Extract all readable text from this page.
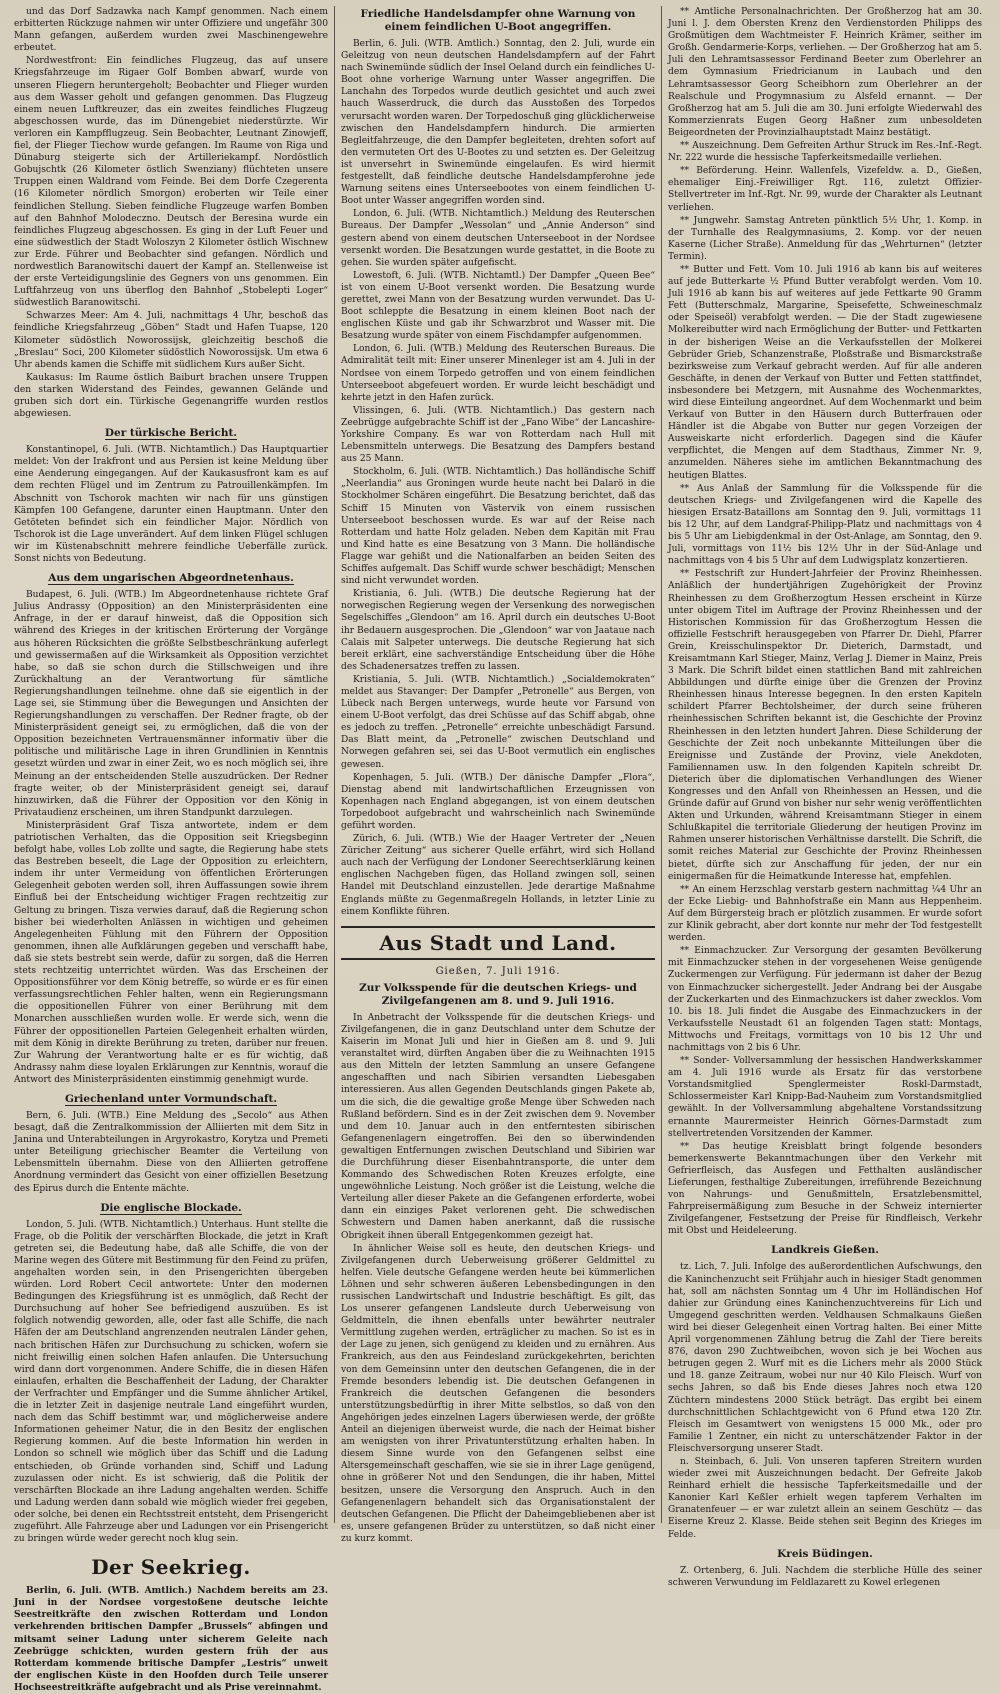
und das Dorf Sadzawka nach Kampf genommen. Nach einem erbitterten Rückzuge nahmen wir unter Offiziere und ungefähr 300 Mann gefangen, außerdem wurden zwei Maschinengewehre erbeutet.

Nordwestfront: Ein feindliches Flugzeug, das auf unsere Kriegsfahrzeuge im Rigaer Golf Bomben abwarf, wurde von unseren Fliegern heruntergeholt; Beobachter und Flieger wurden aus dem Wasser geholt und gefangen genommen. Das Flugzeug einem neuen Luftkreuzer, das ein zweites feindliches Flugzeug abgeschossen wurde, das im Dünengebiet niederstürzte. Wir verloren ein Kampfflugzeug. Sein Beobachter, Leutnant Zinowjeff, fiel, der Flieger Tiechow wurde gefangen. Im Raume von Riga und Dünaburg steigerte sich der Artilleriekampf. Nordöstlich Gobujschtk (26 Kilometer östlich Swenziany) flüchteten unsere Truppen einen Waldrand vom Feinde. Bei dem Dorfe Czegerenta (16 Kilometer nördlich Smorgon) eroberten wir Teile einer feindlichen Stellung. Sieben feindliche Flugzeuge warfen Bomben auf den Bahnhof Molodeczno. Deutsch der Beresina wurde ein feindliches Flugzeug abgeschossen. Es ging in der Luft Feuer und eine südwestlich der Stadt Woloszyn 2 Kilometer östlich Wischnew zur Erde. Führer und Beobachter sind gefangen. Nördlich und nordwestlich Baranowitschi dauert der Kampf an. Stellenweise ist der erste Verteidigungslinie des Gegners von uns genommen. Ein Luftfahrzeug von uns überflog den Bahnhof „Stobelepti Loger“ südwestlich Baranowitschi.

Schwarzes Meer: Am 4. Juli, nachmittags 4 Uhr, beschoß das feindliche Kriegsfahrzeug „Göben“ Stadt und Hafen Tuapse, 120 Kilometer südöstlich Noworossijsk, gleichzeitig beschoß die „Breslau“ Soci, 200 Kilometer südöstlich Noworossijsk. Um etwa 6 Uhr abends kamen die Schiffe mit südlichem Kurs außer Sicht.

Kaukasus: Im Raume östlich Baiburt brachen unsere Truppen den starken Widerstand des Feindes, gewannen Gelände und gruben sich dort ein. Türkische Gegenangriffe wurden restlos abgewiesen.

Der türkische Bericht.

Konstantinopel, 6. Juli. (WTB. Nichtamtlich.) Das Hauptquartier meldet: Von der Irakfront und aus Persien ist keine Meldung über eine Aenderung eingegangen. Auf der Kaukasusfront kam es auf dem rechten Flügel und im Zentrum zu Patrouillenkämpfen. Im Abschnitt von Tschorok machten wir nach für uns günstigen Kämpfen 100 Gefangene, darunter einen Hauptmann. Unter den Getöteten befindet sich ein feindlicher Major. Nördlich von Tschorok ist die Lage unverändert. Auf dem linken Flügel schlugen wir im Küstenabschnitt mehrere feindliche Ueberfälle zurück. Sonst nichts von Bedeutung.

Aus dem ungarischen Abgeordnetenhaus.

Budapest, 6. Juli. (WTB.) Im Abgeordnetenhause richtete Graf Julius Andrassy (Opposition) an den Ministerpräsidenten eine Anfrage, in der er darauf hinweist, daß die Opposition sich während des Krieges in der kritischen Erörterung der Vorgänge aus höheren Rücksichten die größte Selbstbeschränkung auferlegt und gewissermaßen auf die Wirksamkeit als Opposition verzichtet habe, so daß sie schon durch die Stillschweigen und ihre Zurückhaltung an der Verantwortung für sämtliche Regierungshandlungen teilnehme. ohne daß sie eigentlich in der Lage sei, sie Stimmung über die Bewegungen und Ansichten der Regierungshandlungen zu verschaffen. Der Redner fragte, ob der Ministerpräsident geneigt sei, zu ermöglichen, daß die von der Opposition bezeichneten Vertrauensmänner informativ über die politische und militärische Lage in ihren Grundlinien in Kenntnis gesetzt würden und zwar in einer Zeit, wo es noch möglich sei, ihre Meinung an der entscheidenden Stelle auszudrücken. Der Redner fragte weiter, ob der Ministerpräsident geneigt sei, darauf hinzuwirken, daß die Führer der Opposition vor den König in Privataudienz erscheinen, um ihren Standpunkt darzulegen.

Ministerpräsident Graf Tisza antwortete, indem er dem patriotischen Verhalten, das die Opposition seit Kriegsbeginn befolgt habe, volles Lob zollte und sagte, die Regierung habe stets das Bestreben beseelt, die Lage der Opposition zu erleichtern, indem ihr unter Vermeidung von öffentlichen Erörterungen Gelegenheit geboten werden soll, ihren Auffassungen sowie ihrem Einfluß bei der Entscheidung wichtiger Fragen rechtzeitig zur Geltung zu bringen. Tisza verwies darauf, daß die Regierung schon bisher bei wiederholten Anlässen in wichtigen und geheimen Angelegenheiten Fühlung mit den Führern der Opposition genommen, ihnen alle Aufklärungen gegeben und verschafft habe, daß sie stets bestrebt sein werde, dafür zu sorgen, daß die Herren stets rechtzeitig unterrichtet würden. Was das Erscheinen der Oppositionsführer vor dem König betreffe, so würde er es für einen verfassungsrechtlichen Fehler halten, wenn ein Regierungsmann die oppositionellen Führer von einer Berührung mit dem Monarchen ausschließen wurden wolle. Er werde sich, wenn die Führer der oppositionellen Parteien Gelegenheit erhalten würden, mit dem König in direkte Berührung zu treten, darüber nur freuen. Zur Wahrung der Verantwortung halte er es für wichtig, daß Andrassy nahm diese loyalen Erklärungen zur Kenntnis, worauf die Antwort des Ministerpräsidenten einstimmig genehmigt wurde.

Griechenland unter Vormundschaft.

Bern, 6. Juli. (WTB.) Eine Meldung des „Secolo“ aus Athen besagt, daß die Zentralkommission der Alliierten mit dem Sitz in Janina und Unterabteilungen in Argyrokastro, Korytza und Premeti unter Beteiligung griechischer Beamter die Verteilung von Lebensmitteln übernahm. Diese von den Alliierten getroffene Anordnung vermindert das Gesicht von einer offiziellen Besetzung des Epirus durch die Entente mächte.

Die englische Blockade.

London, 5. Juli. (WTB. Nichtamtlich.) Unterhaus. Hunt stellte die Frage, ob die Politik der verschärften Blockade, die jetzt in Kraft getreten sei, die Bedeutung habe, daß alle Schiffe, die von der Marine wegen des Gütere mit Bestimmung für den Feind zu prüfen, angehalten worden sein, in den Prisengerichten übergeben würden. Lord Robert Cecil antwortete: Unter den modernen Bedingungen des Kriegsführung ist es unmöglich, daß Recht der Durchsuchung auf hoher See befriedigend auszuüben. Es ist folglich notwendig geworden, alle, oder fast alle Schiffe, die nach Häfen der am Deutschland angrenzenden neutralen Länder gehen, nach britischen Häfen zur Durchsuchung zu schicken, wofern sie nicht freiwillig einen solchen Hafen anlaufen. Die Untersuchung wird dann dort vorgenommen. Andere Schiffe, die in diesen Häfen einlaufen, erhalten die Beschaffenheit der Ladung, der Charakter der Verfrachter und Empfänger und die Summe ähnlicher Artikel, die in letzter Zeit in dasjenige neutrale Land eingeführt wurden, nach dem das Schiff bestimmt war, und möglicherweise andere Informationen geheimer Natur, die in den Besitz der englischen Regierung kommen. Auf die beste Information hin werden in London so schnell wie möglich über das Schiff und die Ladung entschieden, ob Gründe vorhanden sind, Schiff und Ladung zuzulassen oder nicht. Es ist schwierig, daß die Politik der verschärften Blockade an ihre Ladung angehalten werden. Schiffe und Ladung werden dann sobald wie möglich wieder frei gegeben, oder solche, bei denen ein Rechtsstreit entsteht, dem Prisengericht zugeführt. Alle Fahrzeuge aber und Ladungen vor ein Prisengericht zu bringen würde weder gerecht noch klug sein.

Der Seekrieg.

Berlin, 6. Juli. (WTB. Amtlich.) Nachdem bereits am 23. Juni in der Nordsee vorgestoßene deutsche leichte Seestreitkräfte den zwischen Rotterdam und London verkehrenden britischen Dampfer „Brussels“ abfingen und mitsamt seiner Ladung unter sicherem Geleite nach Zeebrügge schickten, wurden gestern früh der aus Rotterdam kommende britische Dampfer „Lestris“ unweit der englischen Küste in den Hoofden durch Teile unserer Hochseestreitkräfte aufgebracht und als Prise vereinnahmt.

Friedliche Handelsdampfer ohne Warnung von einem feindlichen U-Boot angegriffen.

Berlin, 6. Juli. (WTB. Amtlich.) Sonntag, den 2. Juli, wurde ein Geleitzug von neun deutschen Handelsdampfern auf der Fahrt nach Swinemünde südlich der Insel Oeland durch ein feindliches U-Boot ohne vorherige Warnung unter Wasser angegriffen. Die Lanchahn des Torpedos wurde deutlich gesichtet und auch zwei hauch Wasserdruck, die durch das Ausstoßen des Torpedos verursacht worden waren. Der Torpedoschuß ging glücklicherweise zwischen den Handelsdampfern hindurch. Die armierten Begleitfahrzeuge, die den Dampfer begleiteten, drehten sofort auf den vermuteten Ort des U-Bootes zu und setzten es. Der Geleitzug ist unversehrt in Swinemünde eingelaufen. Es wird hiermit festgestellt, daß feindliche deutsche Handelsdampferohne jede Warnung seitens eines Unterseebootes von einem feindlichen U-Boot unter Wasser angegriffen worden sind.

London, 6. Juli. (WTB. Nichtamtlich.) Meldung des Reuterschen Bureaus. Der Dampfer „Wessolan“ und „Annie Anderson“ sind gestern abend von einem deutschen Unterseeboot in der Nordsee versenkt worden. Die Besatzungen wurde gestattet, in die Boote zu gehen. Sie wurden später aufgefischt.

Lowestoft, 6. Juli. (WTB. Nichtamtl.) Der Dampfer „Queen Bee“ ist von einem U-Boot versenkt worden. Die Besatzung wurde gerettet, zwei Mann von der Besatzung wurden verwundet. Das U-Boot schleppte die Besatzung in einem kleinen Boot nach der englischen Küste und gab ihr Schwarzbrot und Wasser mit. Die Besatzung wurde später von einem Fischdampfer aufgenommen.

London, 6. Juli. (WTB.) Meldung des Reuterschen Bureaus. Die Admiralität teilt mit: Einer unserer Minenleger ist am 4. Juli in der Nordsee von einem Torpedo getroffen und von einem feindlichen Unterseeboot abgefeuert worden. Er wurde leicht beschädigt und kehrte jetzt in den Hafen zurück.

Vlissingen, 6. Juli. (WTB. Nichtamtlich.) Das gestern nach Zeebrügge aufgebrachte Schiff ist der „Fano Wibe“ der Lancashire-Yorkshire Company. Es war von Rotterdam nach Hull mit Lebensmitteln unterwegs. Die Besatzung des Dampfers bestand aus 25 Mann.

Stockholm, 6. Juli. (WTB. Nichtamtlich.) Das holländische Schiff „Neerlandia“ aus Groningen wurde heute nacht bei Dalarö in die Stockholmer Schären eingeführt. Die Besatzung berichtet, daß das Schiff 15 Minuten von Västervik von einem russischen Unterseeboot beschossen wurde. Es war auf der Reise nach Rotterdam und hatte Holz geladen. Neben dem Kapitän mit Frau und Kind hatte es eine Besatzung von 3 Mann. Die holländische Flagge war gehißt und die Nationalfarben an beiden Seiten des Schiffes aufgemalt. Das Schiff wurde schwer beschädigt; Menschen sind nicht verwundet worden.

Kristiania, 6. Juli. (WTB.) Die deutsche Regierung hat der norwegischen Regierung wegen der Versenkung des norwegischen Segelschiffes „Glendoon“ am 16. April durch ein deutsches U-Boot ihr Bedauern ausgesprochen. Die „Glendoon“ war von Jaataue nach Calais mit Salpeter unterwegs. Die deutsche Regierung hat sich bereit erklärt, eine sachverständige Entscheidung über die Höhe des Schadenersatzes treffen zu lassen.

Kristiania, 5. Juli. (WTB. Nichtamtlich.) „Socialdemokraten“ meldet aus Stavanger: Der Dampfer „Petronelle“ aus Bergen, von Lübeck nach Bergen unterwegs, wurde heute vor Farsund von einem U-Boot verfolgt, das drei Schüsse auf das Schiff abgab, ohne es jedoch zu treffen. „Petronelle“ erreichte unbeschädigt Farsund. Das Blatt meint, da „Petronelle“ zwischen Deutschland und Norwegen gefahren sei, sei das U-Boot vermutlich ein englisches gewesen.

Kopenhagen, 5. Juli. (WTB.) Der dänische Dampfer „Flora“, Dienstag abend mit landwirtschaftlichen Erzeugnissen von Kopenhagen nach England abgegangen, ist von einem deutschen Torpedoboot aufgebracht und wahrscheinlich nach Swinemünde geführt worden.

Zürich, 6. Juli. (WTB.) Wie der Haager Vertreter der „Neuen Züricher Zeitung“ aus sicherer Quelle erfährt, wird sich Holland auch nach der Verfügung der Londoner Seerechtserklärung keinen englischen Nachgeben fügen, das Holland zwingen soll, seinen Handel mit Deutschland einzustellen. Jede derartige Maßnahme Englands müßte zu Gegenmaßregeln Hollands, in letzter Linie zu einem Konflikte führen.

Aus Stadt und Land.
Gießen, 7. Juli 1916.
Zur Volksspende für die deutschen Kriegs- und Zivilgefangenen am 8. und 9. Juli 1916.

In Anbetracht der Volksspende für die deutschen Kriegs- und Zivilgefangenen, die in ganz Deutschland unter dem Schutze der Kaiserin im Monat Juli und hier in Gießen am 8. und 9. Juli veranstaltet wird, dürften Angaben über die zu Weihnachten 1915 aus den Mitteln der letzten Sammlung an unsere Gefangene angeschafften und nach Sibirien versandten Liebesgaben interessieren. Aus allen Gegenden Deutschlands gingen Pakete ab, um die sich, die die gewaltige große Menge über Schweden nach Rußland befördern. Sind es in der Zeit zwischen dem 9. November und dem 10. Januar auch in den entferntesten sibirischen Gefangenenlagern eingetroffen. Bei den so überwindenden gewaltigen Entfernungen zwischen Deutschland und Sibirien war die Durchführung dieser Eisenbahntransporte, die unter dem Kommando des Schwedischen Roten Kreuzes erfolgte, eine ungewöhnliche Leistung. Noch größer ist die Leistung, welche die Verteilung aller dieser Pakete an die Gefangenen erforderte, wobei dann ein einziges Paket verlorenen geht. Die schwedischen Schwestern und Damen haben anerkannt, daß die russische Obrigkeit ihnen überall Entgegenkommen gezeigt hat.

In ähnlicher Weise soll es heute, den deutschen Kriegs- und Zivilgefangenen durch Ueberweisung größerer Geldmittel zu helfen. Viele deutsche Gefangene werden heute bei kümmerlichen Löhnen und sehr schweren äußeren Lebensbedingungen in den russischen Landwirtschaft und Industrie beschäftigt. Es gilt, das Los unserer gefangenen Landsleute durch Ueberweisung von Geldmitteln, die ihnen ebenfalls unter bewährter neutraler Vermittlung zugehen werden, erträglicher zu machen. So ist es in der Lage zu jenen, sich genügend zu kleiden und zu ernähren. Aus Frankreich, aus den aus Feindesland zurückgekehrten, berichten von dem Gemeinsinn unter den deutschen Gefangenen, die in der Fremde besonders lebendig ist. Die deutschen Gefangenen in Frankreich die deutschen Gefangenen die besonders unterstützungsbedürftig in ihrer Mitte selbstlos, so daß von den Angehörigen jedes einzelnen Lagers überwiesen werde, der größte Anteil an diejenigen überweist wurde, die nach der Heimat bisher am wenigsten von ihrer Privatunterstützung erhalten haben. In diesem Sinne wurde von den Gefangenen selbst eine Altersgemeinschaft geschaffen, wie sie sie in ihrer Lage genügend, ohne in größerer Not und den Sendungen, die ihr haben, Mittel besitzen, unsere die Versorgung den Anspruch. Auch in den Gefangenenlagern behandelt sich das Organisationstalent der deutschen Gefangenen. Die Pflicht der Daheimgebliebenen aber ist es, unsere gefangenen Brüder zu unterstützen, so daß nicht einer zu kurz kommt.

** Amtliche Personalnachrichten. Der Großherzog hat am 30. Juni l. J. dem Obersten Krenz den Verdienstorden Philipps des Großmütigen dem Wachtmeister F. Heinrich Krämer, seither im Großh. Gendarmerie-Korps, verliehen. — Der Großherzog hat am 5. Juli den Lehramtsassessor Ferdinand Beeter zum Oberlehrer an dem Gymnasium Friedricianum in Laubach und den Lehramtsassessor Georg Scheibhorn zum Oberlehrer an der Realschule und Progymnasium zu Alsfeld ernannt. — Der Großherzog hat am 5. Juli die am 30. Juni erfolgte Wiederwahl des Kommerzienrats Eugen Georg Haßner zum unbesoldeten Beigeordneten der Provinzialhauptstadt Mainz bestätigt.

** Auszeichnung. Dem Gefreiten Arthur Struck im Res.-Inf.-Regt. Nr. 222 wurde die hessische Tapferkeitsmedaille verliehen.

** Beförderung. Heinr. Wallenfels, Vizefeldw. a. D., Gießen, ehemaliger Einj.-Freiwilliger Rgt. 116, zuletzt Offizier-Stellvertreter im Inf.-Rgt. Nr. 99, wurde der Charakter als Leutnant verliehen.

** Jungwehr. Samstag Antreten pünktlich 5½ Uhr, 1. Komp. in der Turnhalle des Realgymnasiums, 2. Komp. vor der neuen Kaserne (Licher Straße). Anmeldung für das „Wehrturnen“ (letzter Termin).

** Butter und Fett. Vom 10. Juli 1916 ab kann bis auf weiteres auf jede Butterkarte ½ Pfund Butter verabfolgt werden. Vom 10. Juli 1916 ab kann bis auf weiteres auf jede Fettkarte 90 Gramm Fett (Butterschmalz, Margarine, Speisefette, Schweineschmalz oder Speiseöl) verabfolgt werden. — Die der Stadt zugewiesene Molkereibutter wird nach Ermöglichung der Butter- und Fettkarten in der bisherigen Weise an die Verkaufsstellen der Molkerei Gebrüder Grieb, Schanzenstraße, Ploßstraße und Bismarckstraße bezirksweise zum Verkauf gebracht werden. Auf für alle anderen Geschäfte, in denen der Verkauf von Butter und Fetten stattfindet, insbesondere bei Metzgern, mit Ausnahme des Wochenmarktes, wird diese Einteilung angeordnet. Auf dem Wochenmarkt und beim Verkauf von Butter in den Häusern durch Butterfrauen oder Händler ist die Abgabe von Butter nur gegen Vorzeigen der Ausweiskarte nicht erforderlich. Dagegen sind die Käufer verpflichtet, die Mengen auf dem Stadthaus, Zimmer Nr. 9, anzumelden. Näheres siehe im amtlichen Bekanntmachung des heutigen Blattes.

** Aus Anlaß der Sammlung für die Volksspende für die deutschen Kriegs- und Zivilgefangenen wird die Kapelle des hiesigen Ersatz-Bataillons am Sonntag den 9. Juli, vormittags 11 bis 12 Uhr, auf dem Landgraf-Philipp-Platz und nachmittags von 4 bis 5 Uhr am Liebigdenkmal in der Ost-Anlage, am Sonntag, den 9. Juli, vormittags von 11½ bis 12½ Uhr in der Süd-Anlage und nachmittags von 4 bis 5 Uhr auf dem Ludwigsplatz konzertieren.

** Festschrift zur Hundert-Jahrfeier der Provinz Rheinhessen. Anläßlich der hundertjährigen Zugehörigkeit der Provinz Rheinhessen zu dem Großherzogtum Hessen erscheint in Kürze unter obigem Titel im Auftrage der Provinz Rheinhessen und der Historischen Kommission für das Großherzogtum Hessen die offizielle Festschrift herausgegeben von Pfarrer Dr. Diehl, Pfarrer Grein, Kreisschulinspektor Dr. Dieterich, Darmstadt, und Kreisamtmann Karl Stieger, Mainz, Verlag J. Diemer in Mainz, Preis 3 Mark. Die Schrift bildet einen stattlichen Band mit zahlreichen Abbildungen und dürfte einige über die Grenzen der Provinz Rheinhessen hinaus Interesse begegnen. In den ersten Kapiteln schildert Pfarrer Bechtolsheimer, der durch seine früheren rheinhessischen Schriften bekannt ist, die Geschichte der Provinz Rheinhessen in den letzten hundert Jahren. Diese Schilderung der Geschichte der Zeit noch unbekannte Mitteilungen über die Ereignisse und Zustände der Provinz, viele Anekdoten, Familiennamen usw. In den folgenden Kapiteln schreibt Dr. Dieterich über die diplomatischen Verhandlungen des Wiener Kongresses und den Anfall von Rheinhessen an Hessen, und die Gründe dafür auf Grund von bisher nur sehr wenig veröffentlichten Akten und Urkunden, während Kreisamtmann Stieger in einem Schlußkapitel die territoriale Gliederung der heutigen Provinz im Rahmen unserer historischen Verhältnisse darstellt. Die Schrift, die somit reiches Material zur Geschichte der Provinz Rheinhessen bietet, dürfte sich zur Anschaffung für jeden, der nur ein einigermaßen für die Heimatkunde Interesse hat, empfehlen.

** An einem Herzschlag verstarb gestern nachmittag ¼4 Uhr an der Ecke Liebig- und Bahnhofstraße ein Mann aus Heppenheim. Auf dem Bürgersteig brach er plötzlich zusammen. Er wurde sofort zur Klinik gebracht, aber dort konnte nur mehr der Tod festgestellt werden.

** Einmachzucker. Zur Versorgung der gesamten Bevölkerung mit Einmachzucker stehen in der vorgesehenen Weise genügende Zuckermengen zur Verfügung. Für jedermann ist daher der Bezug von Einmachzucker sichergestellt. Jeder Andrang bei der Ausgabe der Zuckerkarten und des Einmachzuckers ist daher zwecklos. Vom 10. bis 18. Juli findet die Ausgabe des Einmachzuckers in der Verkaufsstelle Neustadt 61 an folgenden Tagen statt: Montags, Mittwochs und Freitags, vormittags von 10 bis 12 Uhr und nachmittags von 2 bis 6 Uhr.

** Sonder- Vollversammlung der hessischen Handwerkskammer am 4. Juli 1916 wurde als Ersatz für das verstorbene Vorstandsmitglied Spenglermeister Roskl-Darmstadt, Schlossermeister Karl Knipp-Bad-Nauheim zum Vorstandsmitglied gewählt. In der Vollversammlung abgehaltene Vorstandssitzung ernannte Maurermeister Heinrich Görnes-Darmstadt zum stellvertretenden Vorsitzenden der Kammer.

** Das heutige Kreisblatt bringt folgende besonders bemerkenswerte Bekanntmachungen über den Verkehr mit Gefrierfleisch, das Ausfegen und Fetthalten ausländischer Lieferungen, festhaltige Zubereitungen, irreführende Bezeichnung von Nahrungs- und Genußmitteln, Ersatzlebensmittel, Fahrpreisermäßigung zum Besuche in der Schweiz internierter Zivilgefangener, Festsetzung der Preise für Rindfleisch, Verkehr mit Obst und Heideleerung.

Landkreis Gießen.

tz. Lich, 7. Juli. Infolge des außerordentlichen Aufschwungs, den die Kaninchenzucht seit Frühjahr auch in hiesiger Stadt genommen hat, soll am nächsten Sonntag um 4 Uhr im Holländischen Hof dahier zur Gründung eines Kaninchenzuchtvereins für Lich und Umgegend geschritten werden. Veldhausen Schmalkauns Gießen wird bei dieser Gelegenheit einen Vortrag halten. Bei einer Mitte April vorgenommenen Zählung betrug die Zahl der Tiere bereits 876, davon 290 Zuchtweibchen, wovon sich je bei Wochen aus betrugen gegen 2. Wurf mit es die Lichers mehr als 2000 Stück und 18. ganze Zeitraum, wobei nur nur 40 Kilo Fleisch. Wurf von sechs Jahren, so daß bis Ende dieses Jahres noch etwa 120 Züchtern mindestens 2000 Stück beträgt. Das ergibt bei einem durchschnittlichen Schlachtgewicht von 6 Pfund etwa 120 Ztr. Fleisch im Gesamtwert von wenigstens 15 000 Mk., oder pro Familie 1 Zentner, ein nicht zu unterschätzender Faktor in der Fleischversorgung unserer Stadt.

n. Steinbach, 6. Juli. Von unseren tapferen Streitern wurden wieder zwei mit Auszeichnungen bedacht. Der Gefreite Jakob Reinhard erhielt die hessische Tapferkeitsmedaille und der Kanonier Karl Keßler erhielt wegen tapferem Verhalten im Granatenfeuer — er war zuletzt allein an seinem Geschütz — das Eiserne Kreuz 2. Klasse. Beide stehen seit Beginn des Krieges im Felde.

Kreis Büdingen.

Z. Ortenberg, 6. Juli. Nachdem die sterbliche Hülle des seiner schweren Verwundung im Feldlazarett zu Kowel erlegenen
